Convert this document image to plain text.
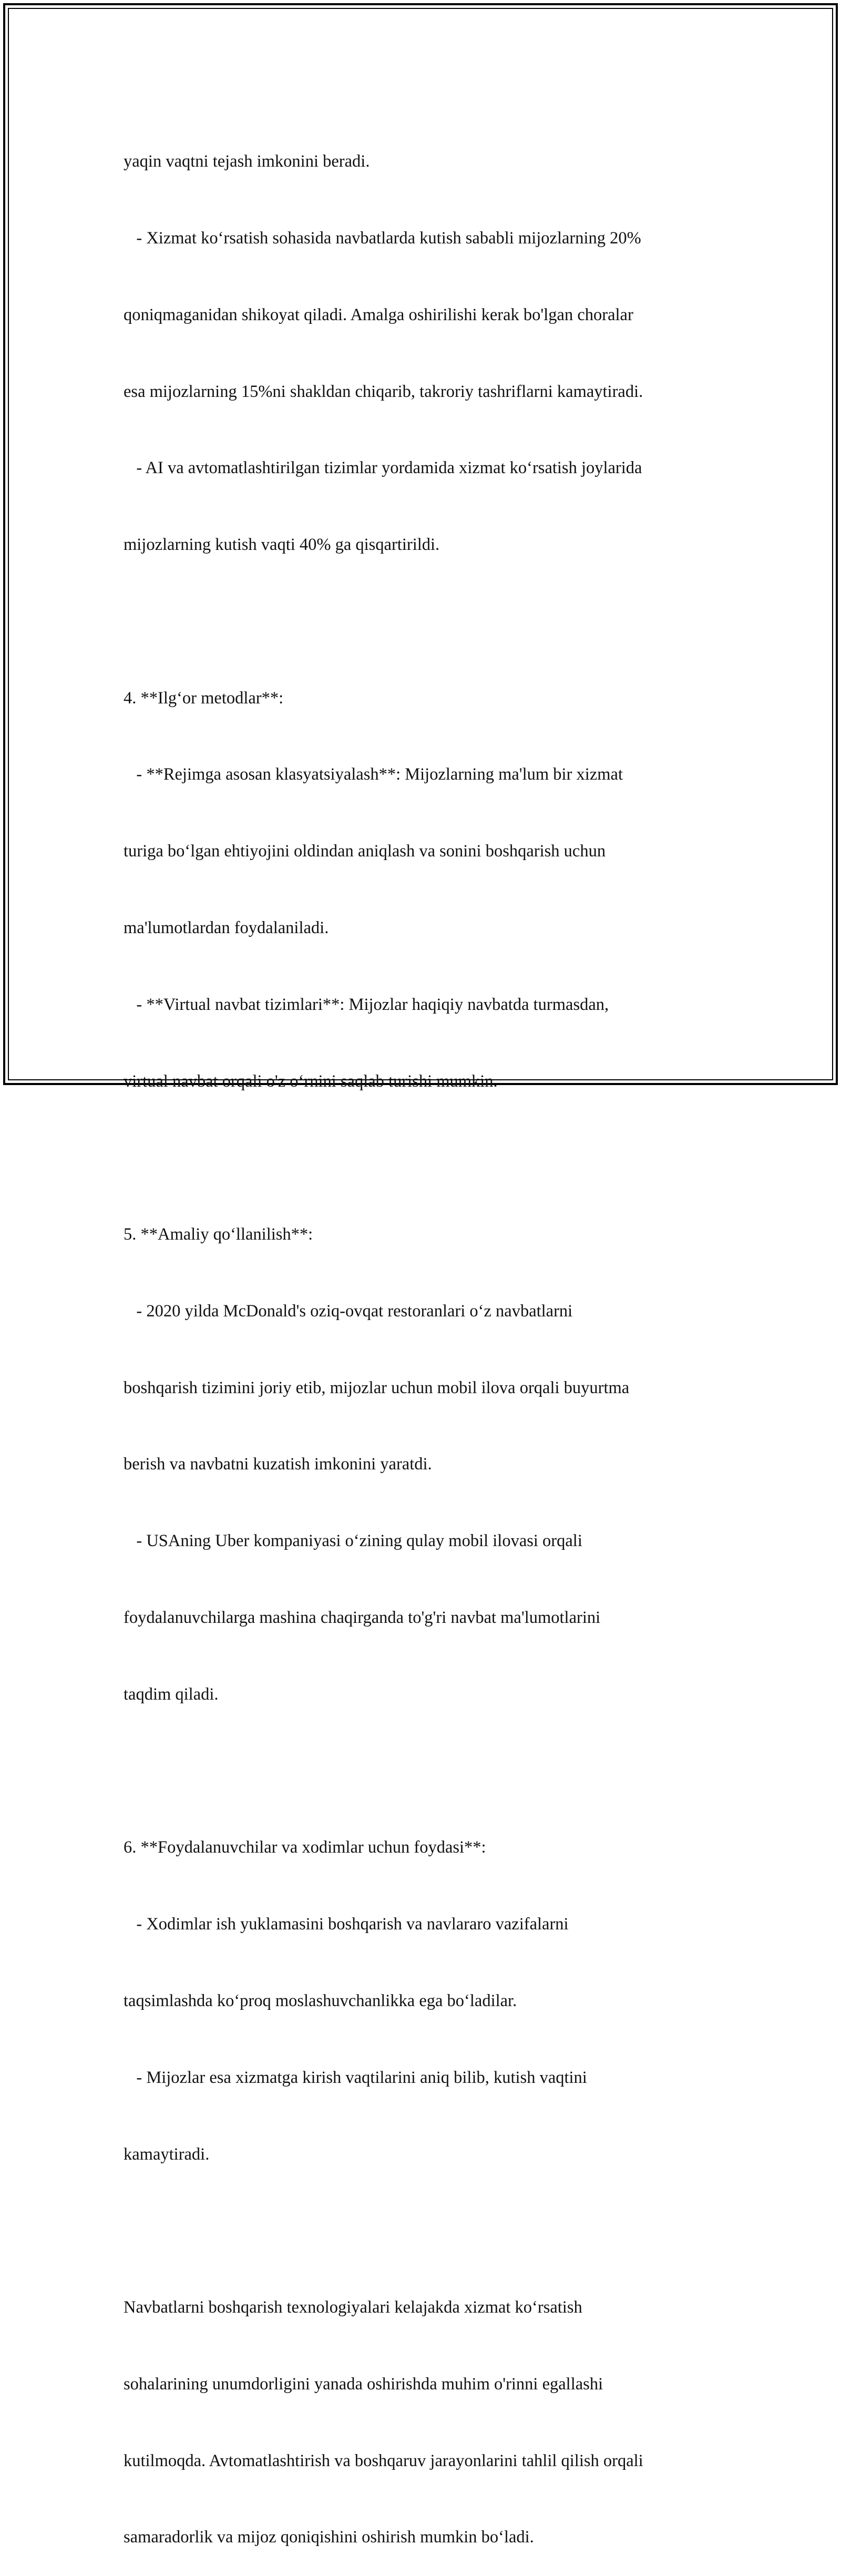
yaqin vaqtni tejash imkonini beradi.

- Xizmat ko‘rsatish sohasida navbatlarda kutish sababli mijozlarning 20%

qoniqmaganidan shikoyat qiladi. Amalga oshirilishi kerak bo'lgan choralar

esa mijozlarning 15%ni shakldan chiqarib, takroriy tashriflarni kamaytiradi.

- AI va avtomatlashtirilgan tizimlar yordamida xizmat ko‘rsatish joylarida

mijozlarning kutish vaqti 40% ga qisqartirildi.

4. **Ilg‘or metodlar**:

- **Rejimga asosan klasyatsiyalash**: Mijozlarning ma'lum bir xizmat

turiga bo‘lgan ehtiyojini oldindan aniqlash va sonini boshqarish uchun

ma'lumotlardan foydalaniladi.

- **Virtual navbat tizimlari**: Mijozlar haqiqiy navbatda turmasdan,

virtual navbat orqali o'z o‘rnini saqlab turishi mumkin.

5. **Amaliy qo‘llanilish**:

- 2020 yilda McDonald's oziq-ovqat restoranlari o‘z navbatlarni

boshqarish tizimini joriy etib, mijozlar uchun mobil ilova orqali buyurtma

berish va navbatni kuzatish imkonini yaratdi.

- USAning Uber kompaniyasi o‘zining qulay mobil ilovasi orqali

foydalanuvchilarga mashina chaqirganda to'g'ri navbat ma'lumotlarini

taqdim qiladi.

6. **Foydalanuvchilar va xodimlar uchun foydasi**:

- Xodimlar ish yuklamasini boshqarish va navlararo vazifalarni

taqsimlashda ko‘proq moslashuvchanlikka ega bo‘ladilar.

- Mijozlar esa xizmatga kirish vaqtilarini aniq bilib, kutish vaqtini

kamaytiradi.

Navbatlarni boshqarish texnologiyalari kelajakda xizmat ko‘rsatish

sohalarining unumdorligini yanada oshirishda muhim o'rinni egallashi

kutilmoqda. Avtomatlashtirish va boshqaruv jarayonlarini tahlil qilish orqali

samaradorlik va mijoz qoniqishini oshirish mumkin bo‘ladi.
